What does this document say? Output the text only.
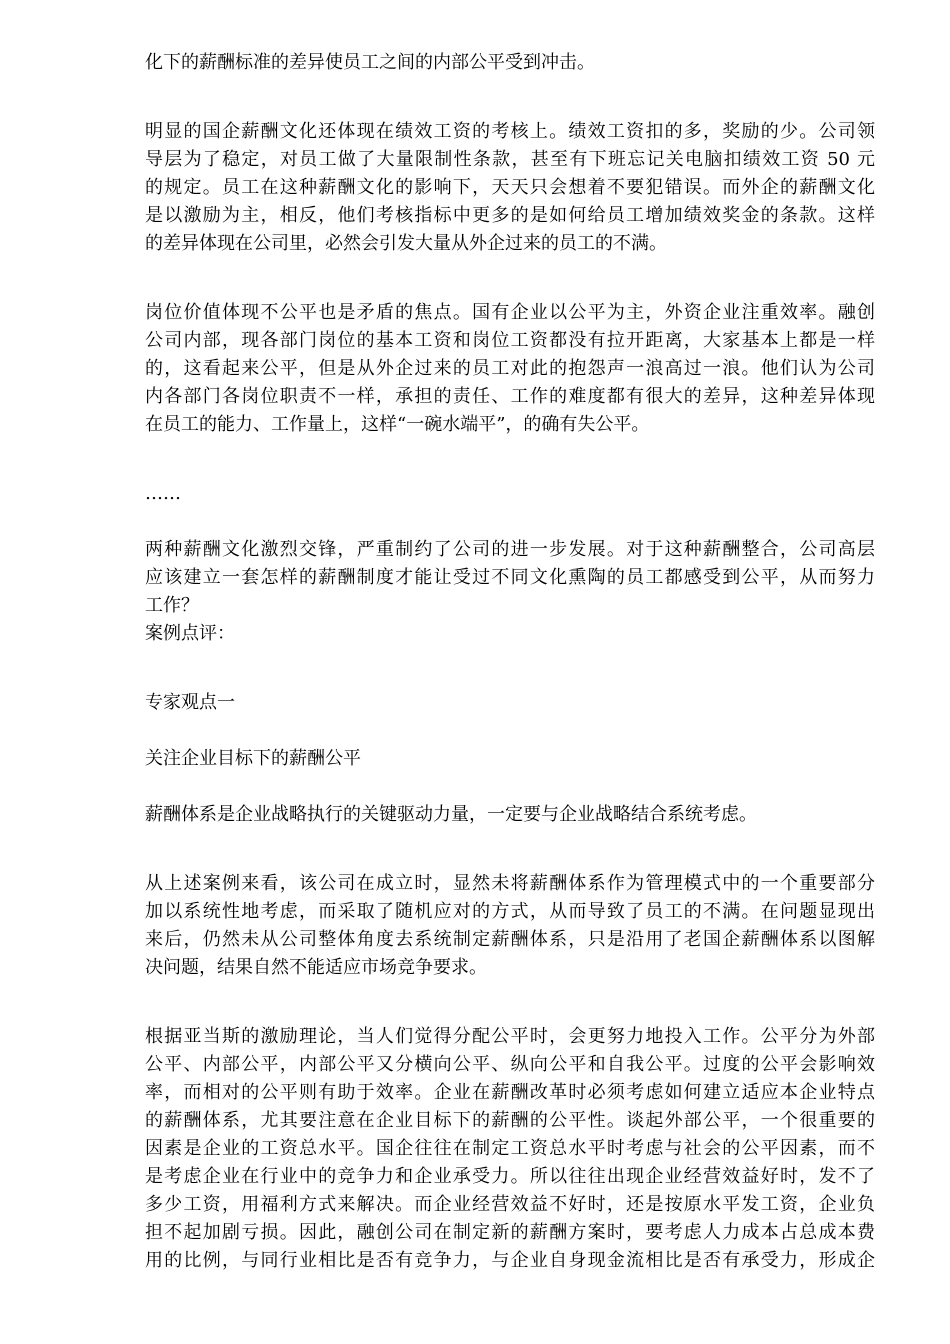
化下的薪酬标准的差异使员工之间的内部公平受到冲击。
明显的国企薪酬文化还体现在绩效工资的考核上。绩效工资扣的多，奖励的少。公司领
导层为了稳定，对员工做了大量限制性条款，甚至有下班忘记关电脑扣绩效工资 50 元
的规定。员工在这种薪酬文化的影响下，天天只会想着不要犯错误。而外企的薪酬文化
是以激励为主，相反，他们考核指标中更多的是如何给员工增加绩效奖金的条款。这样
的差异体现在公司里，必然会引发大量从外企过来的员工的不满。
岗位价值体现不公平也是矛盾的焦点。国有企业以公平为主，外资企业注重效率。融创
公司内部，现各部门岗位的基本工资和岗位工资都没有拉开距离，大家基本上都是一样
的，这看起来公平，但是从外企过来的员工对此的抱怨声一浪高过一浪。他们认为公司
内各部门各岗位职责不一样，承担的责任、工作的难度都有很大的差异，这种差异体现
在员工的能力、工作量上，这样“一碗水端平”，的确有失公平。
……
两种薪酬文化激烈交锋，严重制约了公司的进一步发展。对于这种薪酬整合，公司高层
应该建立一套怎样的薪酬制度才能让受过不同文化熏陶的员工都感受到公平，从而努力
工作？
案例点评：
专家观点一
关注企业目标下的薪酬公平
薪酬体系是企业战略执行的关键驱动力量，一定要与企业战略结合系统考虑。
从上述案例来看，该公司在成立时，显然未将薪酬体系作为管理模式中的一个重要部分
加以系统性地考虑，而采取了随机应对的方式，从而导致了员工的不满。在问题显现出
来后，仍然未从公司整体角度去系统制定薪酬体系，只是沿用了老国企薪酬体系以图解
决问题，结果自然不能适应市场竞争要求。
根据亚当斯的激励理论，当人们觉得分配公平时，会更努力地投入工作。公平分为外部
公平、内部公平，内部公平又分横向公平、纵向公平和自我公平。过度的公平会影响效
率，而相对的公平则有助于效率。企业在薪酬改革时必须考虑如何建立适应本企业特点
的薪酬体系，尤其要注意在企业目标下的薪酬的公平性。谈起外部公平，一个很重要的
因素是企业的工资总水平。国企往往在制定工资总水平时考虑与社会的公平因素，而不
是考虑企业在行业中的竞争力和企业承受力。所以往往出现企业经营效益好时，发不了
多少工资，用福利方式来解决。而企业经营效益不好时，还是按原水平发工资，企业负
担不起加剧亏损。因此，融创公司在制定新的薪酬方案时，要考虑人力成本占总成本费
用的比例，与同行业相比是否有竞争力，与企业自身现金流相比是否有承受力，形成企
